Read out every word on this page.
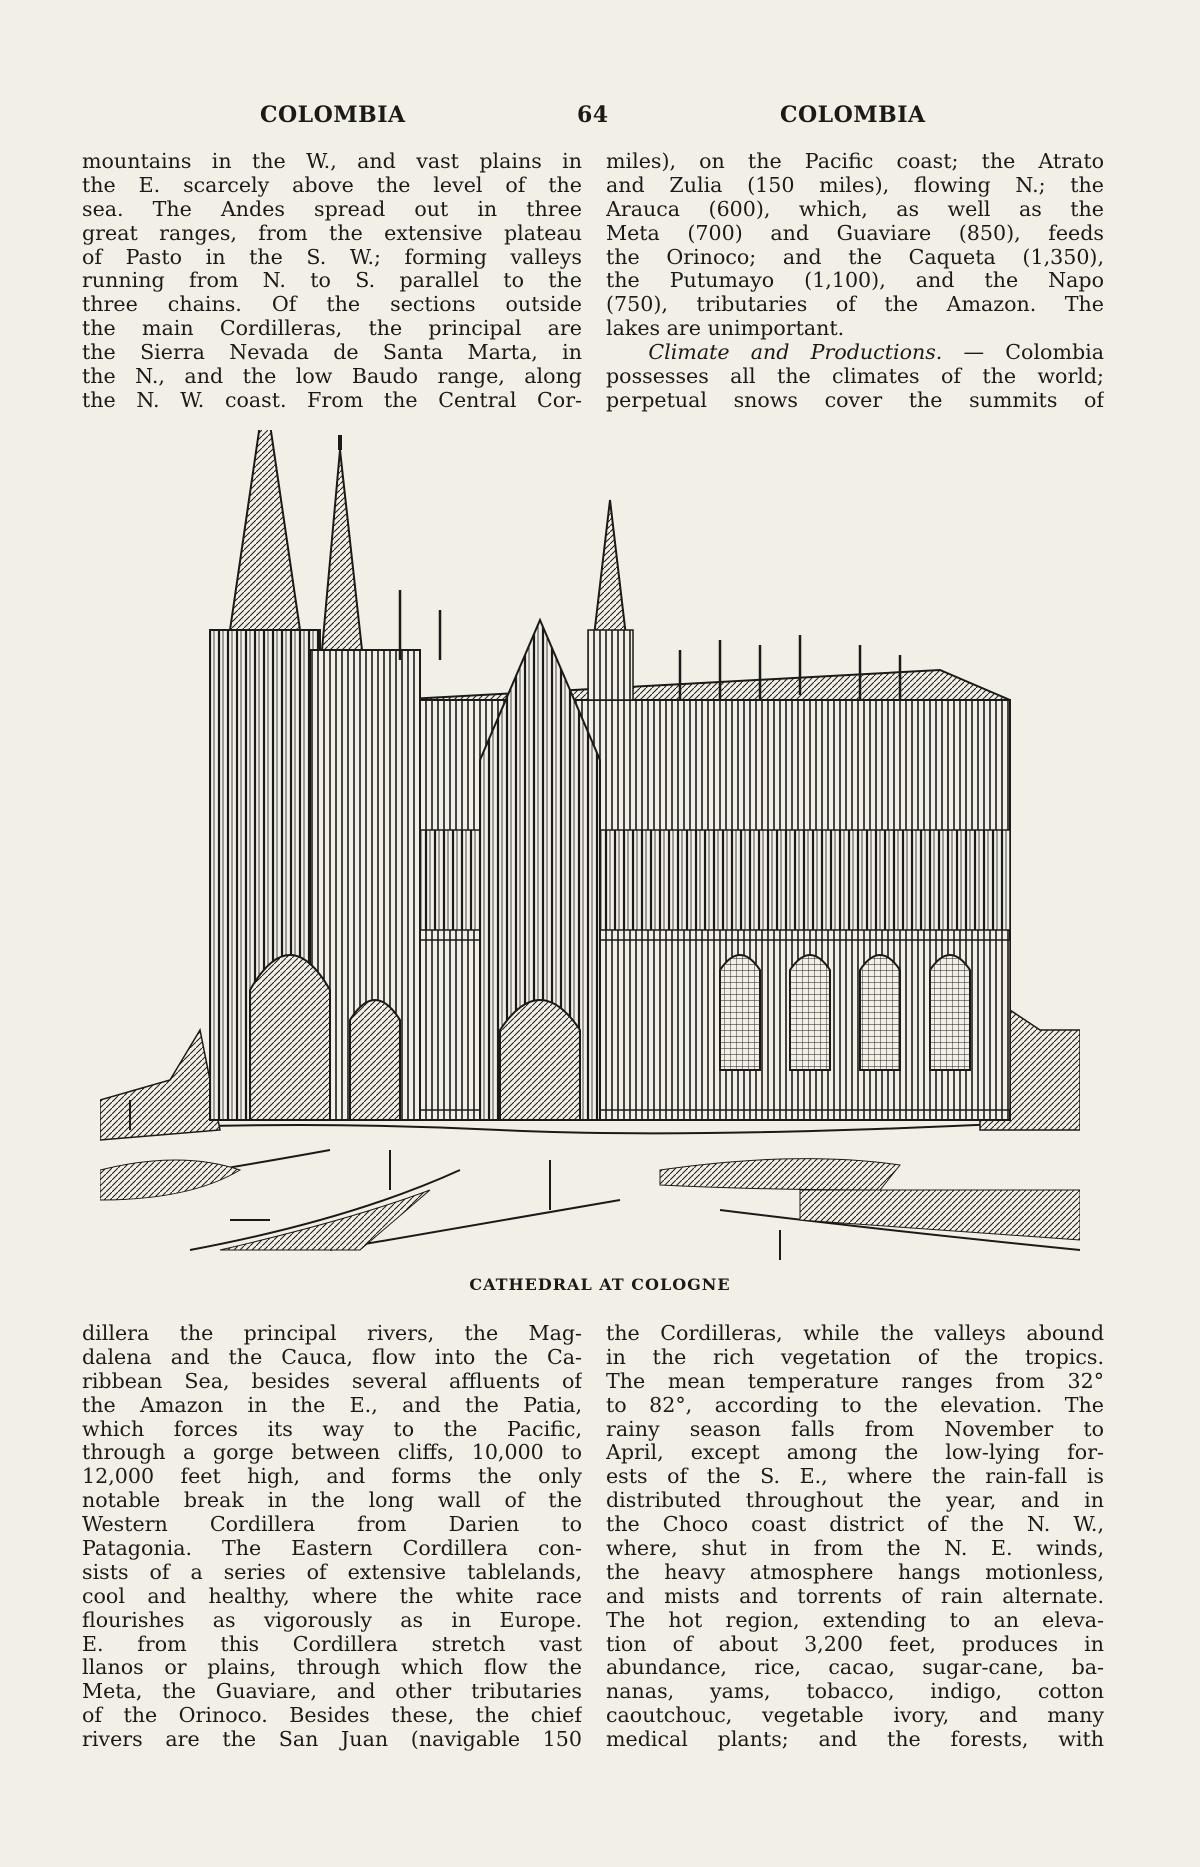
COLOMBIA	64	COLOMBIA
mountains in the W., and vast plains in
the E. scarcely above the level of the
sea. The Andes spread out in three
great ranges, from the extensive plateau
of Pasto in the S. W.; forming valleys
running from N. to S. parallel to the
three chains. Of the sections outside
the main Cordilleras, the principal are
the Sierra Nevada de Santa Marta, in
the N., and the low Baudo range, along
the N. W. coast. From the Central Cor-
miles), on the Pacific coast; the Atrato
and Zulia (150 miles), flowing N.; the
Arauca (600), which, as well as the
Meta (700) and Guaviare (850), feeds
the Orinoco; and the Caqueta (1,350),
the Putumayo (1,100), and the Napo
(750), tributaries of the Amazon. The
lakes are unimportant.
Climate and Productions. — Colombia
possesses all the climates of the world;
perpetual snows cover the summits of
CATHEDRAL AT COLOGNE
dillera the principal rivers, the Mag-
dalena and the Cauca, flow into the Ca-
ribbean Sea, besides several affluents of
the Amazon in the E., and the Patia,
which forces its way to the Pacific,
through a gorge between cliffs, 10,000 to
12,000 feet high, and forms the only
notable break in the long wall of the
Western Cordillera from Darien to
Patagonia. The Eastern Cordillera con-
sists of a series of extensive tablelands,
cool and healthy, where the white race
flourishes as vigorously as in Europe.
E. from this Cordillera stretch vast
llanos or plains, through which flow the
Meta, the Guaviare, and other tributaries
of the Orinoco. Besides these, the chief
rivers are the San Juan (navigable 150
the Cordilleras, while the valleys abound
in the rich vegetation of the tropics.
The mean temperature ranges from 32°
to 82°, according to the elevation. The
rainy season falls from November to
April, except among the low-lying for-
ests of the S. E., where the rain-fall is
distributed throughout the year, and in
the Choco coast district of the N. W.,
where, shut in from the N. E. winds,
the heavy atmosphere hangs motionless,
and mists and torrents of rain alternate.
The hot region, extending to an eleva-
tion of about 3,200 feet, produces in
abundance, rice, cacao, sugar-cane, ba-
nanas, yams, tobacco, indigo, cotton
caoutchouc, vegetable ivory, and many
medical plants; and the forests, with
